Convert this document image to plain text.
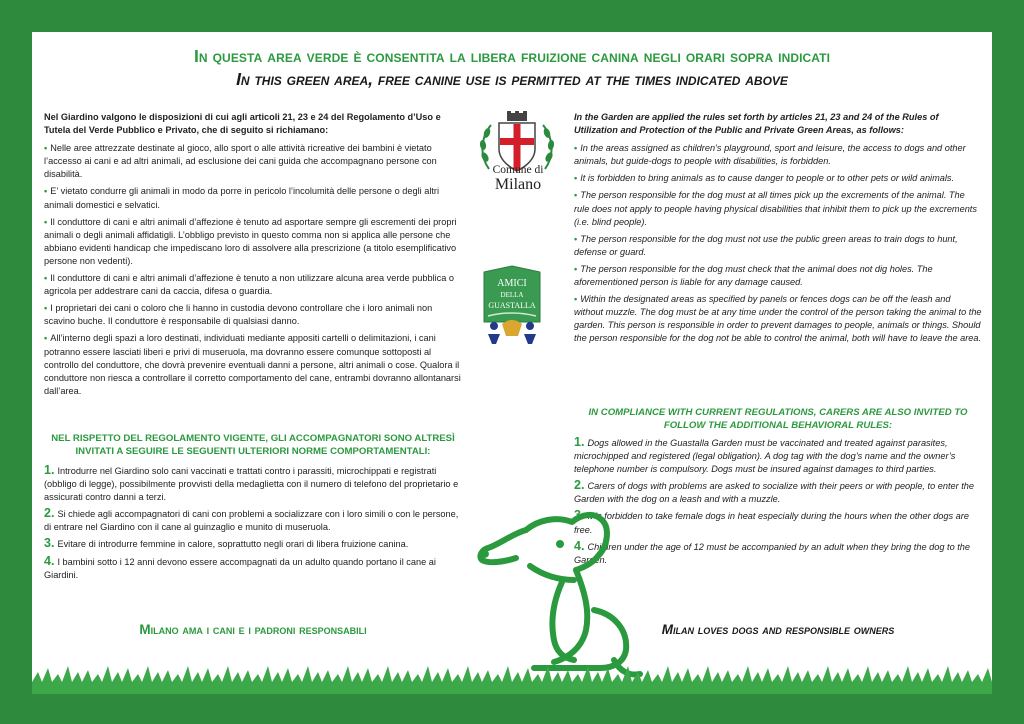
In questa area verde è consentita la libera fruizione canina negli orari sopra indicati
In this green area, free canine use is permitted at the times indicated above

Nel Giardino valgono le disposizioni di cui agli articoli 21, 23 e 24 del Regolamento d’Uso e Tutela del Verde Pubblico e Privato, che di seguito si richiamano:

• Nelle aree attrezzate destinate al gioco, allo sport o alle attività ricreative dei bambini è vietato l’accesso ai cani e ad altri animali, ad esclusione dei cani guida che accompagnano persone con disabilità.

• E’ vietato condurre gli animali in modo da porre in pericolo l’incolumità delle persone o degli altri animali domestici e selvatici.

• Il conduttore di cani e altri animali d’affezione è tenuto ad asportare sempre gli escrementi dei propri animali o degli animali affidatigli. L’obbligo previsto in questo comma non si applica alle persone che abbiano evidenti handicap che impediscano loro di assolvere alla prescrizione (a titolo esemplificativo persone non vedenti).

• Il conduttore di cani e altri animali d’affezione è tenuto a non utilizzare alcuna area verde pubblica o agricola per addestrare cani da caccia, difesa o guardia.

• I proprietari dei cani o coloro che li hanno in custodia devono controllare che i loro animali non scavino buche. Il conduttore è responsabile di qualsiasi danno.

• All’interno degli spazi a loro destinati, individuati mediante appositi cartelli o delimitazioni, i cani potranno essere lasciati liberi e privi di museruola, ma dovranno essere comunque sottoposti al controllo del conduttore, che dovrà prevenire eventuali danni a persone, altri animali o cose. Qualora il conduttore non riesca a controllare il corretto comportamento del cane, entrambi dovranno allontanarsi dall’area.

In the Garden are applied the rules set forth by articles 21, 23 and 24 of the Rules of Utilization and Protection of the Public and Private Green Areas, as follows:

• In the areas assigned as children’s playground, sport and leisure, the access to dogs and other animals, but guide-dogs to people with disabilities, is forbidden.

• It is forbidden to bring animals as to cause danger to people or to other pets or wild animals.

• The person responsible for the dog must at all times pick up the excrements of the animal. The rule does not apply to people having physical disabilities that inhibit them to pick up the excrements (i.e. blind people).

• The person responsible for the dog must not use the public green areas to train dogs to hunt, defense or guard.

• The person responsible for the dog must check that the animal does not dig holes. The aforementioned person is liable for any damage caused.

• Within the designated areas as specified by panels or fences dogs can be off the leash and without muzzle. The dog must be at any time under the control of the person taking the animal to the garden. This person is responsible in order to prevent damages to people, animals or things. Should the person responsible for the dog not be able to control the animal, both will have to leave the area.

NEL RISPETTO DEL REGOLAMENTO VIGENTE, GLI ACCOMPAGNATORI SONO ALTRESÌ INVITATI A SEGUIRE LE SEGUENTI ULTERIORI NORME COMPORTAMENTALI:
IN COMPLIANCE WITH CURRENT REGULATIONS, CARERS ARE ALSO INVITED TO FOLLOW THE ADDITIONAL BEHAVIORAL RULES:

1. Introdurre nel Giardino solo cani vaccinati e trattati contro i parassiti, microchippati e registrati (obbligo di legge), possibilmente provvisti della medaglietta con il numero di telefono del proprietario e assicurati contro danni a terzi.

2. Si chiede agli accompagnatori di cani con problemi a socializzare con i loro simili o con le persone, di entrare nel Giardino con il cane al guinzaglio e munito di museruola.

3. Evitare di introdurre femmine in calore, soprattutto negli orari di libera fruizione canina.

4. I bambini sotto i 12 anni devono essere accompagnati da un adulto quando portano il cane ai Giardini.

1. Dogs allowed in the Guastalla Garden must be vaccinated and treated against parasites, microchipped and registered (legal obligation). A dog tag with the dog’s name and the owner’s telephone number is compulsory. Dogs must be insured against damages to third parties.

2. Carers of dogs with problems are asked to socialize with their peers or with people, to enter the Garden with the dog on a leash and with a muzzle.

3. It is forbidden to take female dogs in heat especially during the hours when the other dogs are free.

4. Children under the age of 12 must be accompanied by an adult when they bring the dog to the Garden.

Milano ama i cani e i padroni responsabili	Milan loves dogs and responsible owners
Comune di
Milano
AMICI
DELLA
GUASTALLA
